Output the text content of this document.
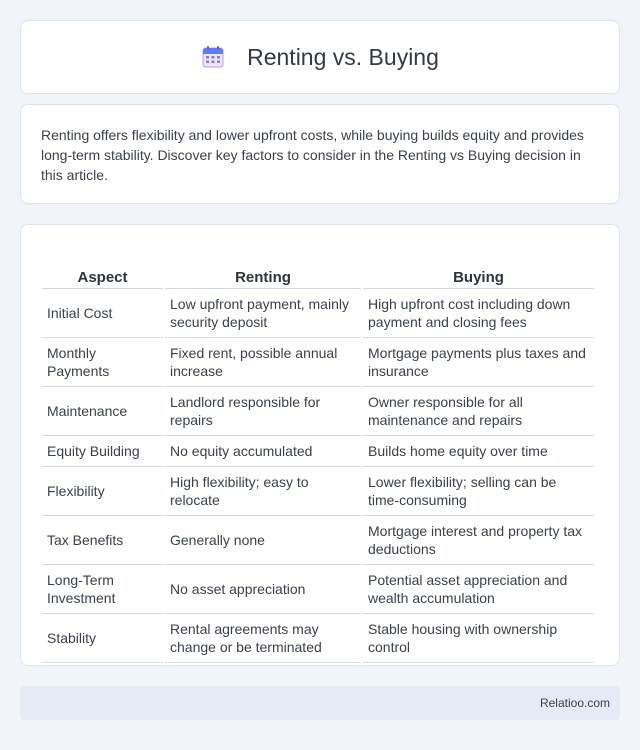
Renting vs. Buying

Renting offers flexibility and lower upfront costs, while buying builds equity and provides long-term stability. Discover key factors to consider in the Renting vs Buying decision in this article.

Aspect	Renting	Buying
Initial Cost	Low upfront payment, mainly security deposit	High upfront cost including down payment and closing fees
Monthly Payments	Fixed rent, possible annual increase	Mortgage payments plus taxes and insurance
Maintenance	Landlord responsible for repairs	Owner responsible for all maintenance and repairs
Equity Building	No equity accumulated	Builds home equity over time
Flexibility	High flexibility; easy to relocate	Lower flexibility; selling can be time-consuming
Tax Benefits	Generally none	Mortgage interest and property tax deductions
Long-Term Investment	No asset appreciation	Potential asset appreciation and wealth accumulation
Stability	Rental agreements may change or be terminated	Stable housing with ownership control
Relatioo.com
